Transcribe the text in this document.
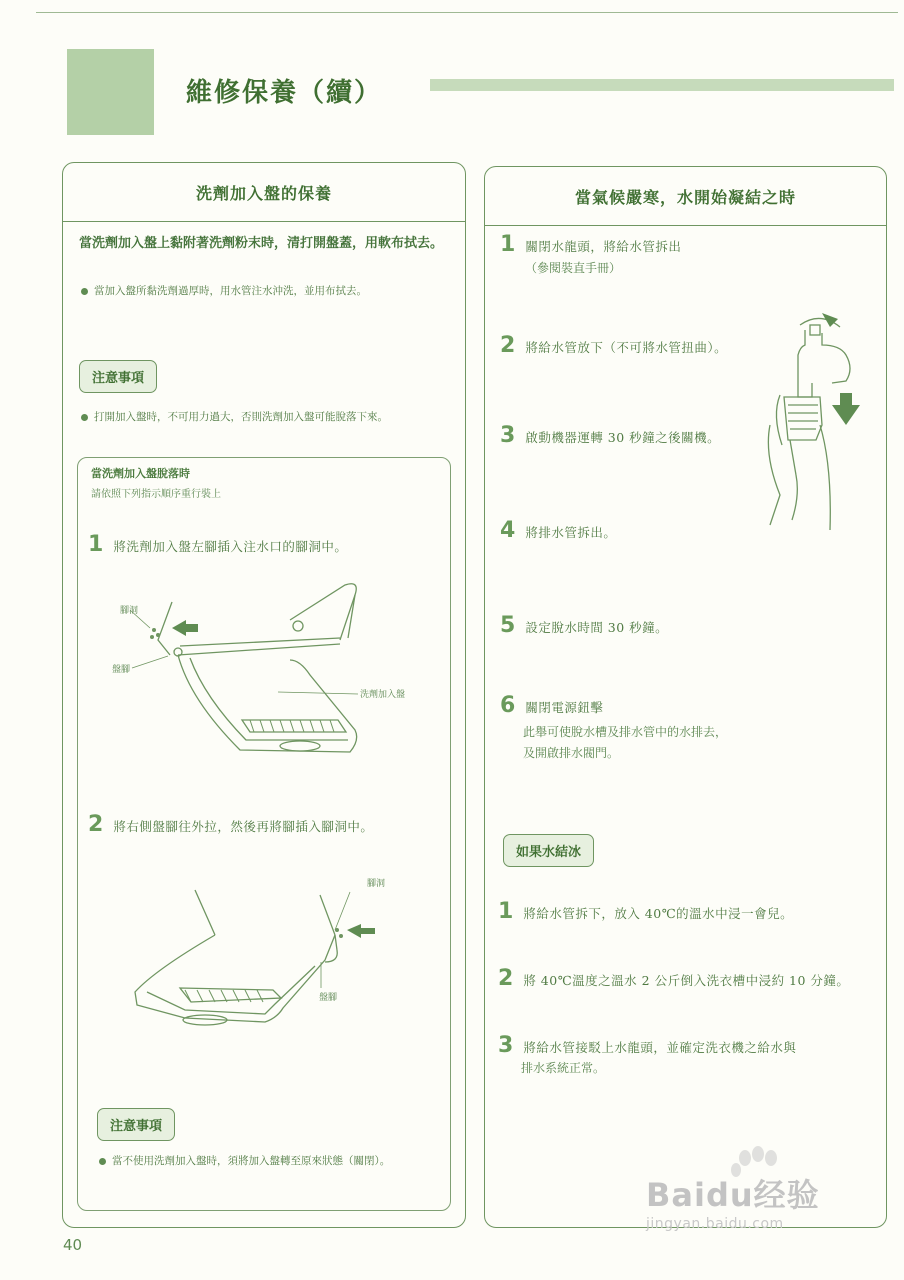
維修保養（續）
洗劑加入盤的保養
當洗劑加入盤上黏附著洗劑粉末時，清打開盤蓋，用軟布拭去。
當加入盤所黏洗劑過厚時，用水管注水沖洗，並用布拭去。
注意事項
打開加入盤時，不可用力過大，否則洗劑加入盤可能脫落下來。
當洗劑加入盤脫落時
請依照下列指示順序重行裝上
1 將洗劑加入盤左腳插入注水口的腳洞中。
腳洞
盤腳
洗劑加入盤
2 將右側盤腳往外拉，然後再將腳插入腳洞中。
腳洞
盤腳
注意事項
當不使用洗劑加入盤時，須將加入盤轉至原來狀態（關閉）。
當氣候嚴寒，水開始凝結之時
1 關閉水龍頭，將給水管拆出
（參閱裝直手冊）
2 將給水管放下（不可將水管扭曲）。
3 啟動機器運轉 30 秒鐘之後關機。
4 將排水管拆出。
5 設定脫水時間 30 秒鐘。
6 關閉電源鈕擊
此舉可使脫水槽及排水管中的水排去，
及開啟排水閥門。
如果水結冰
1 將給水管拆下，放入 40℃的溫水中浸一會兒。
2 將 40℃溫度之溫水 2 公斤倒入洗衣槽中浸約 10 分鐘。
3 將給水管接駁上水龍頭，並確定洗衣機之給水與
排水系統正常。
Baidu经验
jingyan.baidu.com
40
